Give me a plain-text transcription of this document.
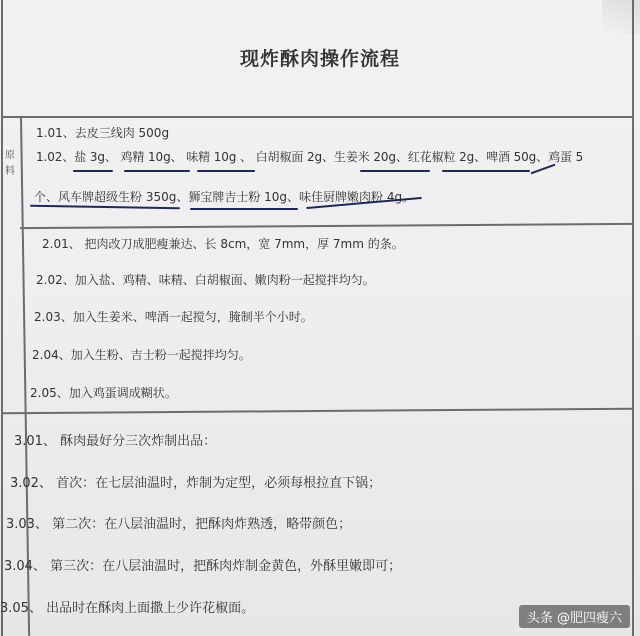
现炸酥肉操作流程
原料
1.01、去皮三线肉 500g
1.02、盐 3g、 鸡精 10g、 味精 10g 、 白胡椒面 2g、生姜米 20g、红花椒粒 2g、啤酒 50g、鸡蛋 5
个、风车牌超级生粉 350g、狮宝牌吉士粉 10g、味佳厨牌嫩肉粉 4g。
2.01、 把肉改刀成肥瘦兼达、长 8cm，宽 7mm，厚 7mm 的条。
2.02、加入盐、鸡精、味精、白胡椒面、嫩肉粉一起搅拌均匀。
2.03、加入生姜米、啤酒一起搅匀，腌制半个小时。
2.04、加入生粉、吉士粉一起搅拌均匀。
2.05、加入鸡蛋调成糊状。
3.01、 酥肉最好分三次炸制出品：
3.02、 首次：在七层油温时，炸制为定型，必须每根拉直下锅；
3.03、 第二次：在八层油温时，把酥肉炸熟透，略带颜色；
3.04、 第三次：在八层油温时，把酥肉炸制金黄色，外酥里嫩即可；
3.05、 出品时在酥肉上面撒上少许花椒面。
头条 @肥四瘦六
